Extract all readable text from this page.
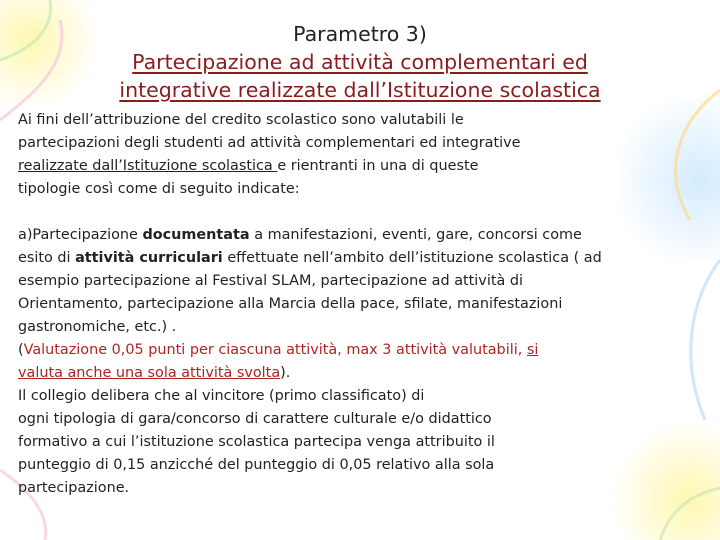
Parametro 3)
Partecipazione ad attività complementari ed
integrative realizzate dall’Istituzione scolastica

Ai fini dell’attribuzione del credito scolastico sono valutabili le

partecipazioni degli studenti ad attività complementari ed integrative

realizzate dall’Istituzione scolastica e rientranti in una di queste

tipologie così come di seguito indicate:

a)Partecipazione documentata a manifestazioni, eventi, gare, concorsi come

esito di attività curriculari effettuate nell’ambito dell’istituzione scolastica ( ad

esempio partecipazione al Festival SLAM, partecipazione ad attività di

Orientamento, partecipazione alla Marcia della pace, sfilate, manifestazioni

gastronomiche, etc.) .

(Valutazione 0,05 punti per ciascuna attività, max 3 attività valutabili, si

valuta anche una sola attività svolta).

Il collegio delibera che al vincitore (primo classificato) di

ogni tipologia di gara/concorso di carattere culturale e/o didattico

formativo a cui l’istituzione scolastica partecipa venga attribuito il

punteggio di 0,15 anzicché del punteggio di 0,05 relativo alla sola

partecipazione.
